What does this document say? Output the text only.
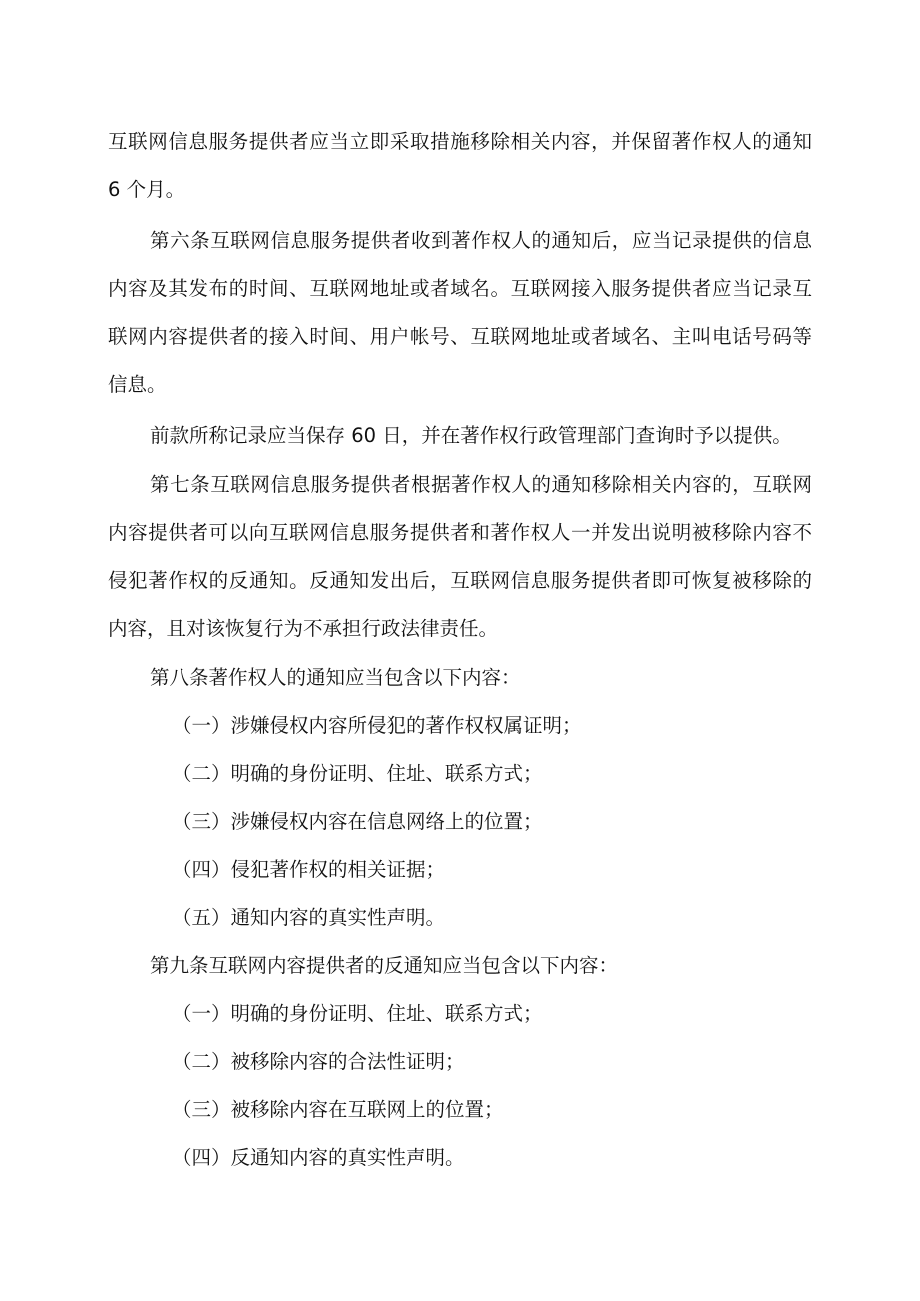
互联网信息服务提供者应当立即采取措施移除相关内容，并保留著作权人的通知
6 个月。
第六条互联网信息服务提供者收到著作权人的通知后，应当记录提供的信息
内容及其发布的时间、互联网地址或者域名。互联网接入服务提供者应当记录互
联网内容提供者的接入时间、用户帐号、互联网地址或者域名、主叫电话号码等
信息。
前款所称记录应当保存 60 日，并在著作权行政管理部门查询时予以提供。
第七条互联网信息服务提供者根据著作权人的通知移除相关内容的，互联网
内容提供者可以向互联网信息服务提供者和著作权人一并发出说明被移除内容不
侵犯著作权的反通知。反通知发出后，互联网信息服务提供者即可恢复被移除的
内容，且对该恢复行为不承担行政法律责任。
第八条著作权人的通知应当包含以下内容：
（一）涉嫌侵权内容所侵犯的著作权权属证明；
（二）明确的身份证明、住址、联系方式；
（三）涉嫌侵权内容在信息网络上的位置；
（四）侵犯著作权的相关证据；
（五）通知内容的真实性声明。
第九条互联网内容提供者的反通知应当包含以下内容：
（一）明确的身份证明、住址、联系方式；
（二）被移除内容的合法性证明；
（三）被移除内容在互联网上的位置；
（四）反通知内容的真实性声明。
